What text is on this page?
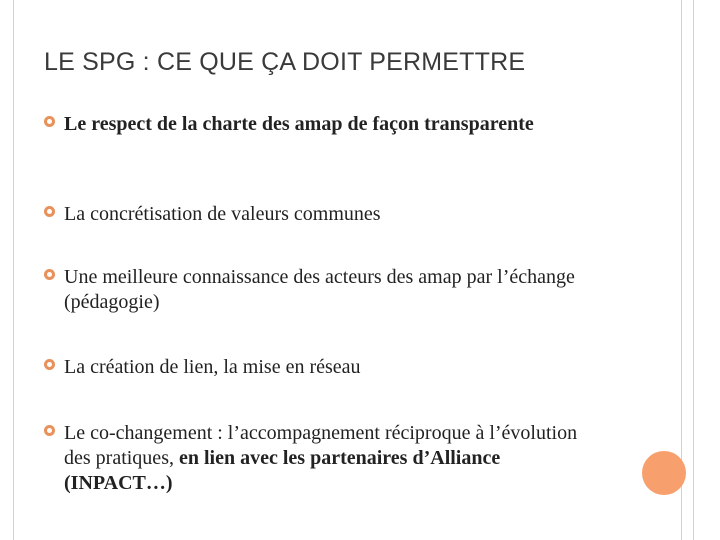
LE SPG : CE QUE ÇA DOIT PERMETTRE
Le respect de la charte des amap de façon transparente
La concrétisation de valeurs communes
Une meilleure connaissance des acteurs des amap par l’échange (pédagogie)
La création de lien, la mise en réseau
Le co-changement : l’accompagnement réciproque à l’évolution des pratiques, en lien avec les partenaires d’Alliance (INPACT…)
